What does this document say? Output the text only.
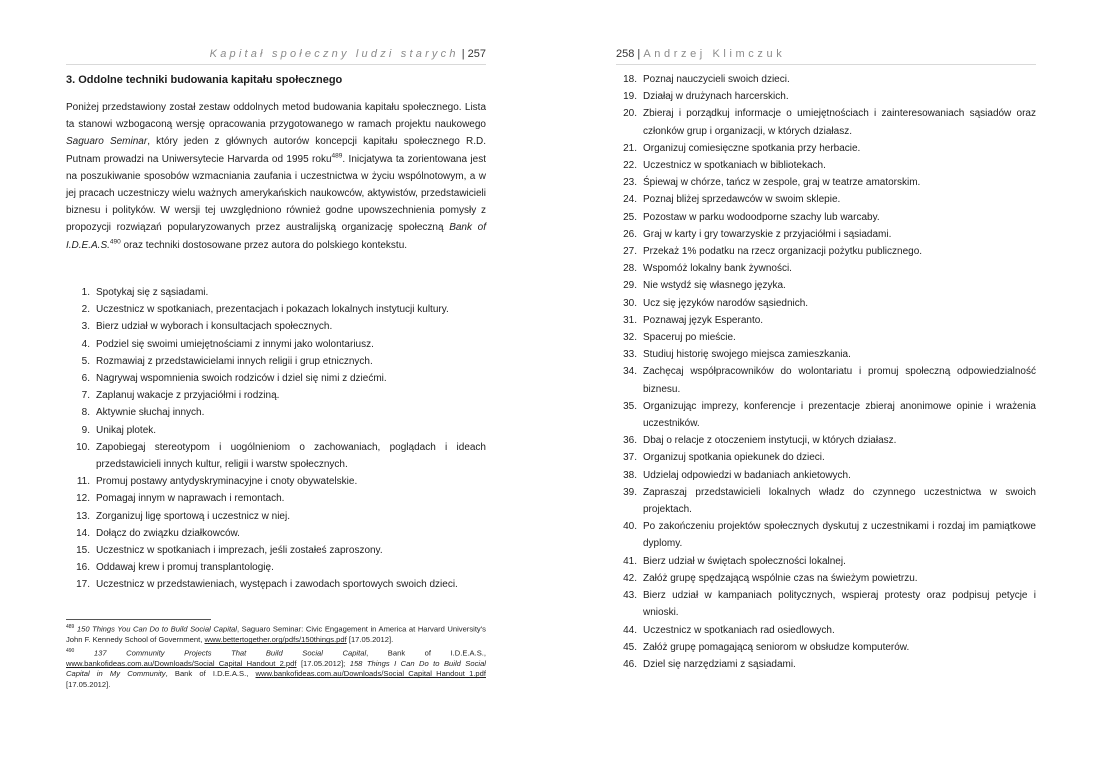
Kapitał społeczny ludzi starych | 257
3. Oddolne techniki budowania kapitału społecznego

Poniżej przedstawiony został zestaw oddolnych metod budowania kapitału społecznego. Lista ta stanowi wzbogaconą wersję opracowania przygotowanego w ramach projektu naukowego Saguaro Seminar, który jeden z głównych autorów koncepcji kapitału społecznego R.D. Putnam prowadzi na Uniwersytecie Harvarda od 1995 roku$^{489}$. Inicjatywa ta zorientowana jest na poszukiwanie sposobów wzmacniania zaufania i uczestnictwa w życiu wspólnotowym, a w jej pracach uczestniczy wielu ważnych amerykańskich naukowców, aktywistów, przedstawicieli biznesu i polityków. W wersji tej uwzględniono również godne upowszechnienia pomysły z propozycji rozwiązań popularyzowanych przez australijską organizację społeczną Bank of I.D.E.A.S.$^{490}$ oraz techniki dostosowane przez autora do polskiego kontekstu.

1. Spotykaj się z sąsiadami.
2. Uczestnicz w spotkaniach, prezentacjach i pokazach lokalnych instytucji kultury.
3. Bierz udział w wyborach i konsultacjach społecznych.
4. Podziel się swoimi umiejętnościami z innymi jako wolontariusz.
5. Rozmawiaj z przedstawicielami innych religii i grup etnicznych.
6. Nagrywaj wspomnienia swoich rodziców i dziel się nimi z dziećmi.
7. Zaplanuj wakacje z przyjaciółmi i rodziną.
8. Aktywnie słuchaj innych.
9. Unikaj plotek.
10. Zapobiegaj stereotypom i uogólnieniom o zachowaniach, poglądach i ideach przedstawicieli innych kultur, religii i warstw społecznych.
11. Promuj postawy antydyskryminacyjne i cnoty obywatelskie.
12. Pomagaj innym w naprawach i remontach.
13. Zorganizuj ligę sportową i uczestnicz w niej.
14. Dołącz do związku działkowców.
15. Uczestnicz w spotkaniach i imprezach, jeśli zostałeś zaproszony.
16. Oddawaj krew i promuj transplantologię.
17. Uczestnicz w przedstawieniach, występach i zawodach sportowych swoich dzieci.

$^{489}$ 150 Things You Can Do to Build Social Capital, Saguaro Seminar: Civic Engagement in America at Harvard University's John F. Kennedy School of Government, www.bettertogether.org/pdfs/150things.pdf [17.05.2012].

$^{490}$	137 Community Projects That Build Social Capital, Bank of I.D.E.A.S., www.bankofideas.com.au/Downloads/Social_Capital_Handout_2.pdf [17.05.2012]; 158 Things I Can Do to Build Social Capital in My Community, Bank of I.D.E.A.S., www.bankofideas.com.au/Downloads/Social_Capital_Handout_1.pdf [17.05.2012].

258 | Andrzej Klimczuk
18. Poznaj nauczycieli swoich dzieci.
19. Działaj w drużynach harcerskich.
20. Zbieraj i porządkuj informacje o umiejętnościach i zainteresowaniach sąsiadów oraz członków grup i organizacji, w których działasz.
21. Organizuj comiesięczne spotkania przy herbacie.
22. Uczestnicz w spotkaniach w bibliotekach.
23. Śpiewaj w chórze, tańcz w zespole, graj w teatrze amatorskim.
24. Poznaj bliżej sprzedawców w swoim sklepie.
25. Pozostaw w parku wodoodporne szachy lub warcaby.
26. Graj w karty i gry towarzyskie z przyjaciółmi i sąsiadami.
27. Przekaż 1% podatku na rzecz organizacji pożytku publicznego.
28. Wspomóż lokalny bank żywności.
29. Nie wstydź się własnego języka.
30. Ucz się języków narodów sąsiednich.
31. Poznawaj język Esperanto.
32. Spaceruj po mieście.
33. Studiuj historię swojego miejsca zamieszkania.
34. Zachęcaj współpracowników do wolontariatu i promuj społeczną odpowiedzialność biznesu.
35. Organizując imprezy, konferencje i prezentacje zbieraj anonimowe opinie i wrażenia uczestników.
36. Dbaj o relacje z otoczeniem instytucji, w których działasz.
37. Organizuj spotkania opiekunek do dzieci.
38. Udzielaj odpowiedzi w badaniach ankietowych.
39. Zapraszaj przedstawicieli lokalnych władz do czynnego uczestnictwa w swoich projektach.
40. Po zakończeniu projektów społecznych dyskutuj z uczestnikami i rozdaj im pamiątkowe dyplomy.
41. Bierz udział w świętach społeczności lokalnej.
42. Załóż grupę spędzającą wspólnie czas na świeżym powietrzu.
43. Bierz udział w kampaniach politycznych, wspieraj protesty oraz podpisuj petycje i wnioski.
44. Uczestnicz w spotkaniach rad osiedlowych.
45. Załóż grupę pomagającą seniorom w obsłudze komputerów.
46. Dziel się narzędziami z sąsiadami.
